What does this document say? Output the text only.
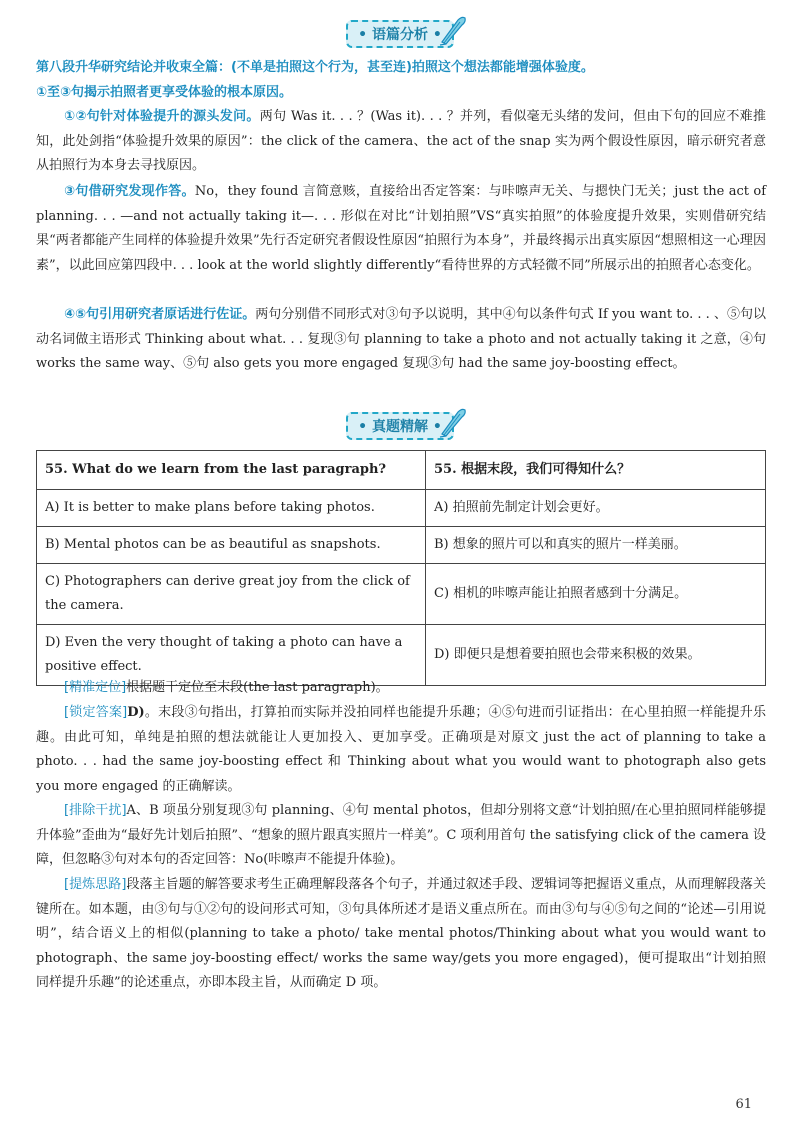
• 语篇分析 •
第八段升华研究结论并收束全篇：(不单是拍照这个行为，甚至连)拍照这个想法都能增强体验度。
①至③句揭示拍照者更享受体验的根本原因。
①②句针对体验提升的源头发问。两句 Was it. . . ？(Was it). . . ？并列，看似毫无头绪的发问，但由下句的回应不难推知，此处剑指“体验提升效果的原因”：the click of the camera、the act of the snap 实为两个假设性原因，暗示研究者意从拍照行为本身去寻找原因。
③句借研究发现作答。No，they found 言简意赅，直接给出否定答案：与咔嚓声无关、与摁快门无关；just the act of planning. . . —and not actually taking it—. . . 形似在对比“计划拍照”VS“真实拍照”的体验度提升效果，实则借研究结果“两者都能产生同样的体验提升效果”先行否定研究者假设性原因“拍照行为本身”，并最终揭示出真实原因“想照相这一心理因素”，以此回应第四段中. . . look at the world slightly differently“看待世界的方式轻微不同”所展示出的拍照者心态变化。
④⑤句引用研究者原话进行佐证。两句分别借不同形式对③句予以说明，其中④句以条件句式 If you want to. . . 、⑤句以动名词做主语形式 Thinking about what. . . 复现③句 planning to take a photo and not actually taking it 之意，④句 works the same way、⑤句 also gets you more engaged 复现③句 had the same joy-boosting effect。
• 真题精解 •
55. What do we learn from the last paragraph?	55. 根据末段，我们可得知什么？
A) It is better to make plans before taking photos.	A) 拍照前先制定计划会更好。
B) Mental photos can be as beautiful as snapshots.	B) 想象的照片可以和真实的照片一样美丽。
C) Photographers can derive great joy from the click of the camera.	C) 相机的咔嚓声能让拍照者感到十分满足。
D) Even the very thought of taking a photo can have a positive effect.	D) 即便只是想着要拍照也会带来积极的效果。
[精准定位]根据题干定位至末段(the last paragraph)。
[锁定答案]D)。末段③句指出，打算拍而实际并没拍同样也能提升乐趣；④⑤句进而引证指出：在心里拍照一样能提升乐趣。由此可知，单纯是拍照的想法就能让人更加投入、更加享受。正确项是对原文 just the act of planning to take a photo. . . had the same joy-boosting effect 和 Thinking about what you would want to photograph also gets you more engaged 的正确解读。
[排除干扰]A、B 项虽分别复现③句 planning、④句 mental photos，但却分别将文意“计划拍照/在心里拍照同样能够提升体验”歪曲为“最好先计划后拍照”、“想象的照片跟真实照片一样美”。C 项利用首句 the satisfying click of the camera 设障，但忽略③句对本句的否定回答：No(咔嚓声不能提升体验)。
[提炼思路]段落主旨题的解答要求考生正确理解段落各个句子，并通过叙述手段、逻辑词等把握语义重点，从而理解段落关键所在。如本题，由③句与①②句的设问形式可知，③句具体所述才是语义重点所在。而由③句与④⑤句之间的“论述—引用说明”，结合语义上的相似(planning to take a photo/ take mental photos/Thinking about what you would want to photograph、the same joy-boosting effect/ works the same way/gets you more engaged)，便可提取出“计划拍照同样提升乐趣”的论述重点，亦即本段主旨，从而确定 D 项。
61
